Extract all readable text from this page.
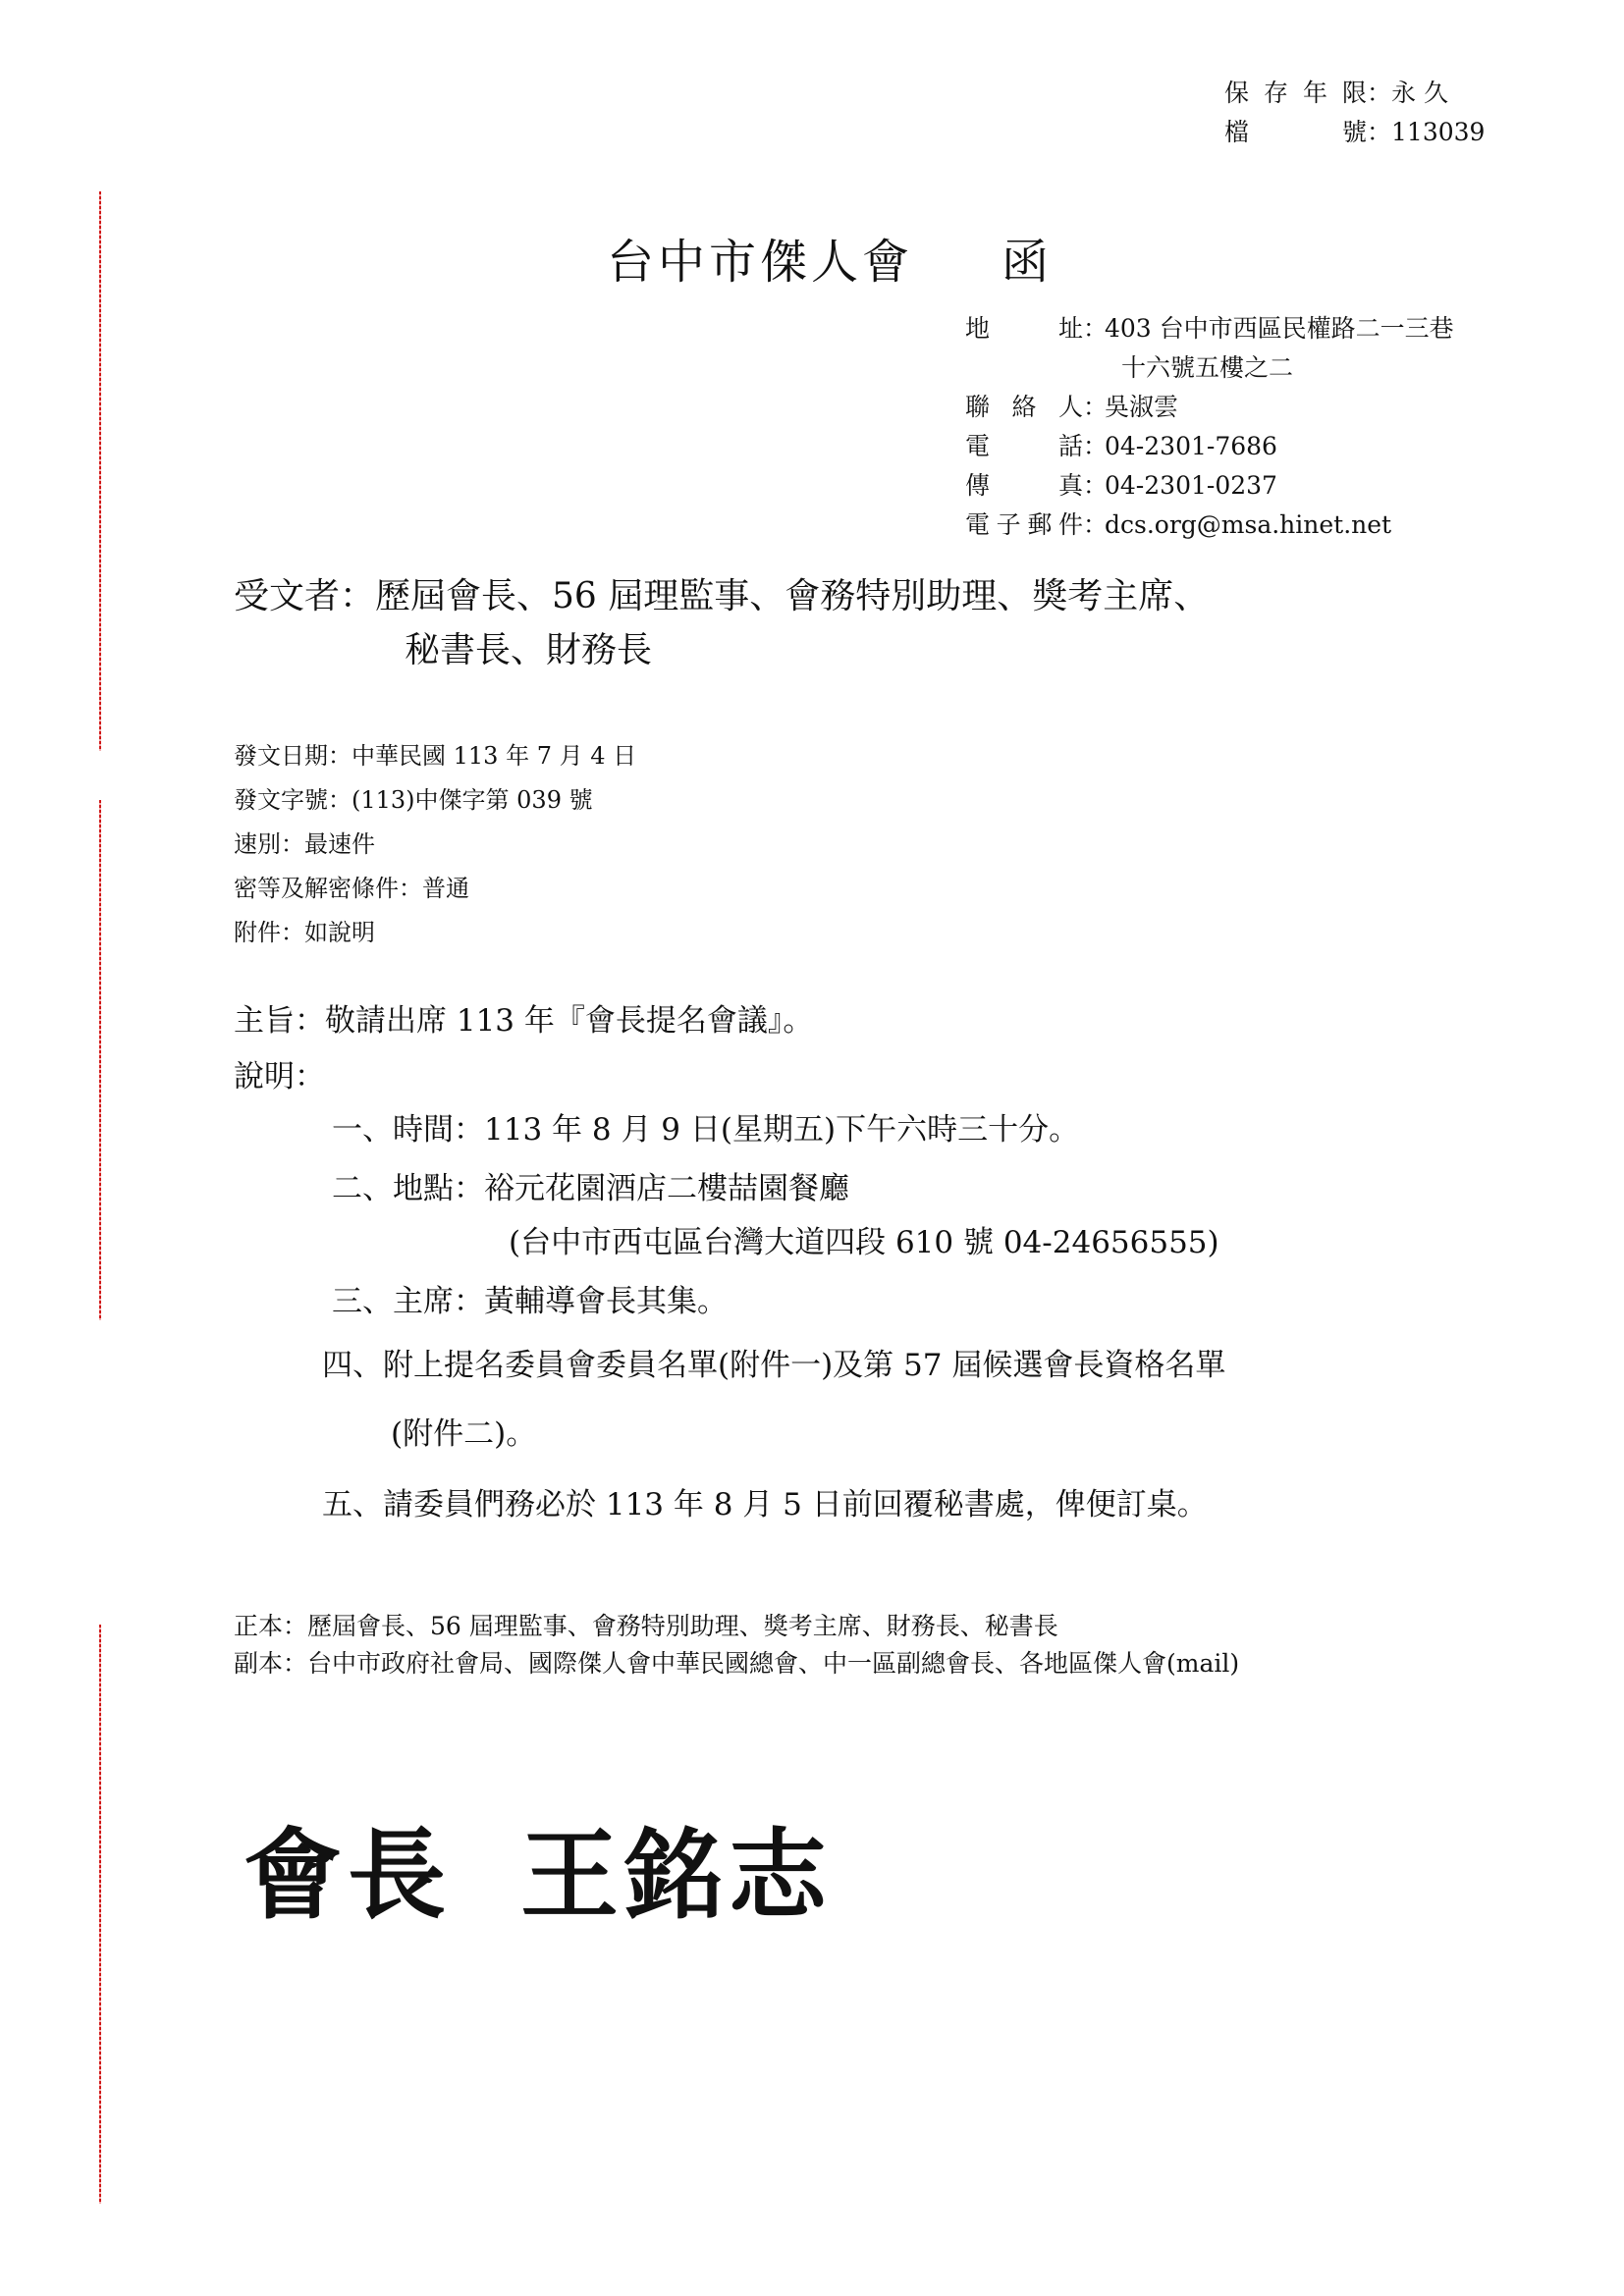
保存年限 ： 永 久
檔　號 ： 113039
台中市傑人會 函
地　址 ：
403 台中市西區民權路二一三巷
十六號五樓之二
聯絡人 ：
吳淑雲
電　話 ：
04-2301-7686
傳　真 ：
04-2301-0237
電子郵件 ：
dcs.org@msa.hinet.net
受文者：歷屆會長、56 屆理監事、會務特別助理、獎考主席、
秘書長、財務長
發文日期：中華民國 113 年 7 月 4 日
發文字號：(113)中傑字第 039 號
速別：最速件
密等及解密條件：普通
附件：如說明
主旨：敬請出席 113 年『會長提名會議』。
說明：
一、時間：113 年 8 月 9 日(星期五)下午六時三十分。
二、地點：裕元花園酒店二樓喆園餐廳
(台中市西屯區台灣大道四段 610 號 04-24656555)
三、主席：黃輔導會長其集。
四、附上提名委員會委員名單(附件一)及第 57 屆候選會長資格名單
(附件二)。
五、請委員們務必於 113 年 8 月 5 日前回覆秘書處，俾便訂桌。
正本：歷屆會長、56 屆理監事、會務特別助理、獎考主席、財務長、秘書長
副本：台中市政府社會局、國際傑人會中華民國總會、中一區副總會長、各地區傑人會(mail)
會長 王銘志
